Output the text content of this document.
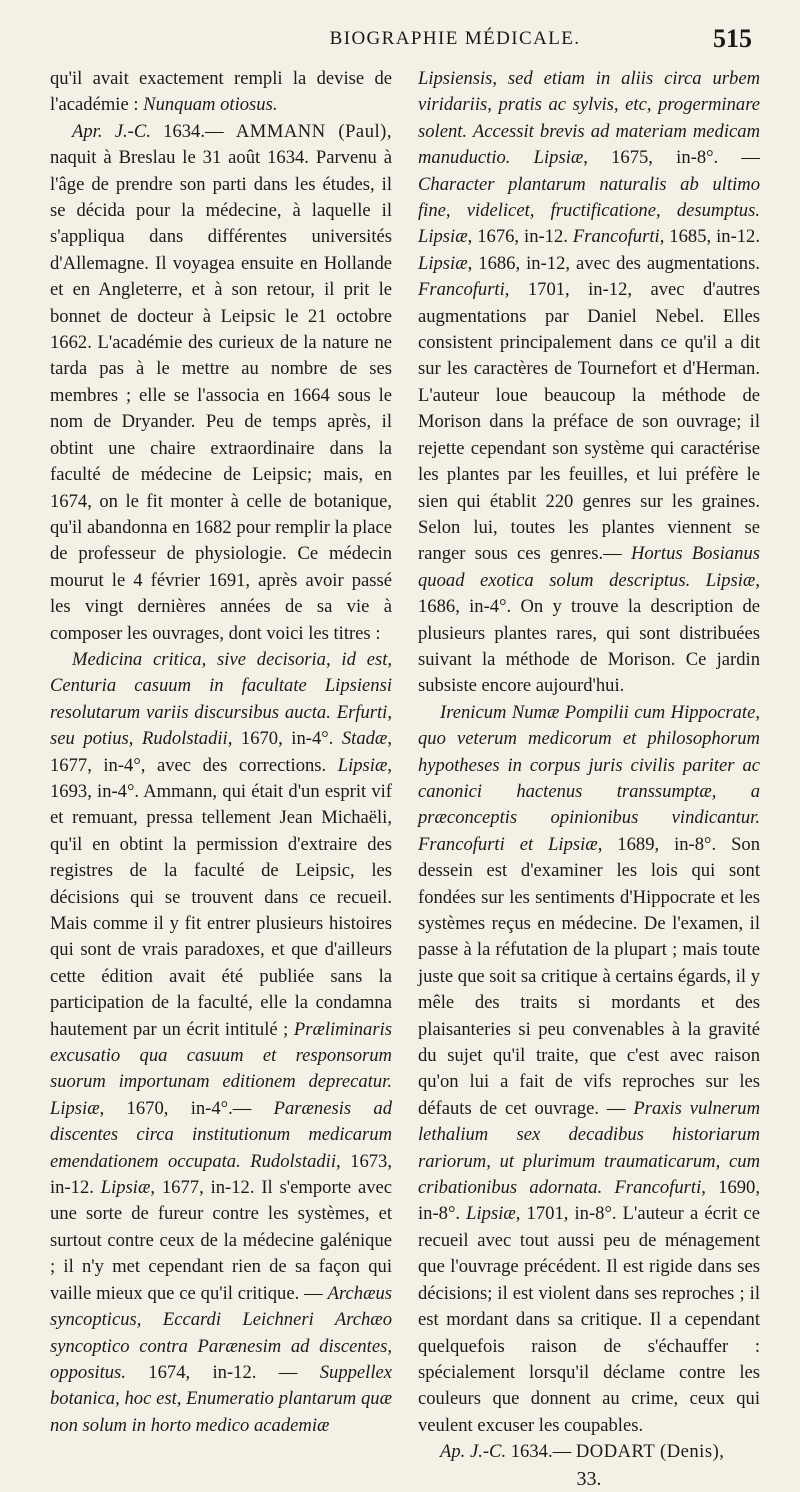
BIOGRAPHIE MÉDICALE.	515

qu'il avait exactement rempli la devise de l'académie : Nunquam otiosus.

Apr. J.-C. 1634.— AMMANN (Paul), naquit à Breslau le 31 août 1634. Parvenu à l'âge de prendre son parti dans les études, il se décida pour la médecine, à laquelle il s'appliqua dans différentes universités d'Allemagne. Il voyagea ensuite en Hollande et en Angleterre, et à son retour, il prit le bonnet de docteur à Leipsic le 21 octobre 1662. L'académie des curieux de la nature ne tarda pas à le mettre au nombre de ses membres ; elle se l'associa en 1664 sous le nom de Dryander. Peu de temps après, il obtint une chaire extraordinaire dans la faculté de médecine de Leipsic; mais, en 1674, on le fit monter à celle de botanique, qu'il abandonna en 1682 pour remplir la place de professeur de physiologie. Ce médecin mourut le 4 février 1691, après avoir passé les vingt dernières années de sa vie à composer les ouvrages, dont voici les titres :

Medicina critica, sive decisoria, id est, Centuria casuum in facultate Lipsiensi resolutarum variis discursibus aucta. Erfurti, seu potius, Rudolstadii, 1670, in-4°. Stadæ, 1677, in-4°, avec des corrections. Lipsiæ, 1693, in-4°. Ammann, qui était d'un esprit vif et remuant, pressa tellement Jean Michaëli, qu'il en obtint la permission d'extraire des registres de la faculté de Leipsic, les décisions qui se trouvent dans ce recueil. Mais comme il y fit entrer plusieurs histoires qui sont de vrais paradoxes, et que d'ailleurs cette édition avait été publiée sans la participation de la faculté, elle la condamna hautement par un écrit intitulé ; Præliminaris excusatio qua casuum et responsorum suorum importunam editionem deprecatur. Lipsiæ, 1670, in-4°.— Parænesis ad discentes circa institutionum medicarum emendationem occupata. Rudolstadii, 1673, in-12. Lipsiæ, 1677, in-12. Il s'emporte avec une sorte de fureur contre les systèmes, et surtout contre ceux de la médecine galénique ; il n'y met cependant rien de sa façon qui vaille mieux que ce qu'il critique. — Archæus syncopticus, Eccardi Leichneri Archæo syncoptico contra Parænesim ad discentes, oppositus. 1674, in-12. — Suppellex botanica, hoc est, Enumeratio plantarum quæ non solum in horto medico academiæ

Lipsiensis, sed etiam in aliis circa urbem viridariis, pratis ac sylvis, etc, progerminare solent. Accessit brevis ad materiam medicam manuductio. Lipsiæ, 1675, in-8°. — Character plantarum naturalis ab ultimo fine, videlicet, fructificatione, desumptus. Lipsiæ, 1676, in-12. Francofurti, 1685, in-12. Lipsiæ, 1686, in-12, avec des augmentations. Francofurti, 1701, in-12, avec d'autres augmentations par Daniel Nebel. Elles consistent principalement dans ce qu'il a dit sur les caractères de Tournefort et d'Herman. L'auteur loue beaucoup la méthode de Morison dans la préface de son ouvrage; il rejette cependant son système qui caractérise les plantes par les feuilles, et lui préfère le sien qui établit 220 genres sur les graines. Selon lui, toutes les plantes viennent se ranger sous ces genres.— Hortus Bosianus quoad exotica solum descriptus. Lipsiæ, 1686, in-4°. On y trouve la description de plusieurs plantes rares, qui sont distribuées suivant la méthode de Morison. Ce jardin subsiste encore aujourd'hui.

Irenicum Numæ Pompilii cum Hippocrate, quo veterum medicorum et philosophorum hypotheses in corpus juris civilis pariter ac canonici hactenus transsumptæ, a præconceptis opinionibus vindicantur. Francofurti et Lipsiæ, 1689, in-8°. Son dessein est d'examiner les lois qui sont fondées sur les sentiments d'Hippocrate et les systèmes reçus en médecine. De l'examen, il passe à la réfutation de la plupart ; mais toute juste que soit sa critique à certains égards, il y mêle des traits si mordants et des plaisanteries si peu convenables à la gravité du sujet qu'il traite, que c'est avec raison qu'on lui a fait de vifs reproches sur les défauts de cet ouvrage. — Praxis vulnerum lethalium sex decadibus historiarum rariorum, ut plurimum traumaticarum, cum cribationibus adornata. Francofurti, 1690, in-8°. Lipsiæ, 1701, in-8°. L'auteur a écrit ce recueil avec tout aussi peu de ménagement que l'ouvrage précédent. Il est rigide dans ses décisions; il est violent dans ses reproches ; il est mordant dans sa critique. Il a cependant quelquefois raison de s'échauffer : spécialement lorsqu'il déclame contre les couleurs que donnent au crime, ceux qui veulent excuser les coupables.

Ap. J.-C. 1634.— DODART (Denis),

33.
